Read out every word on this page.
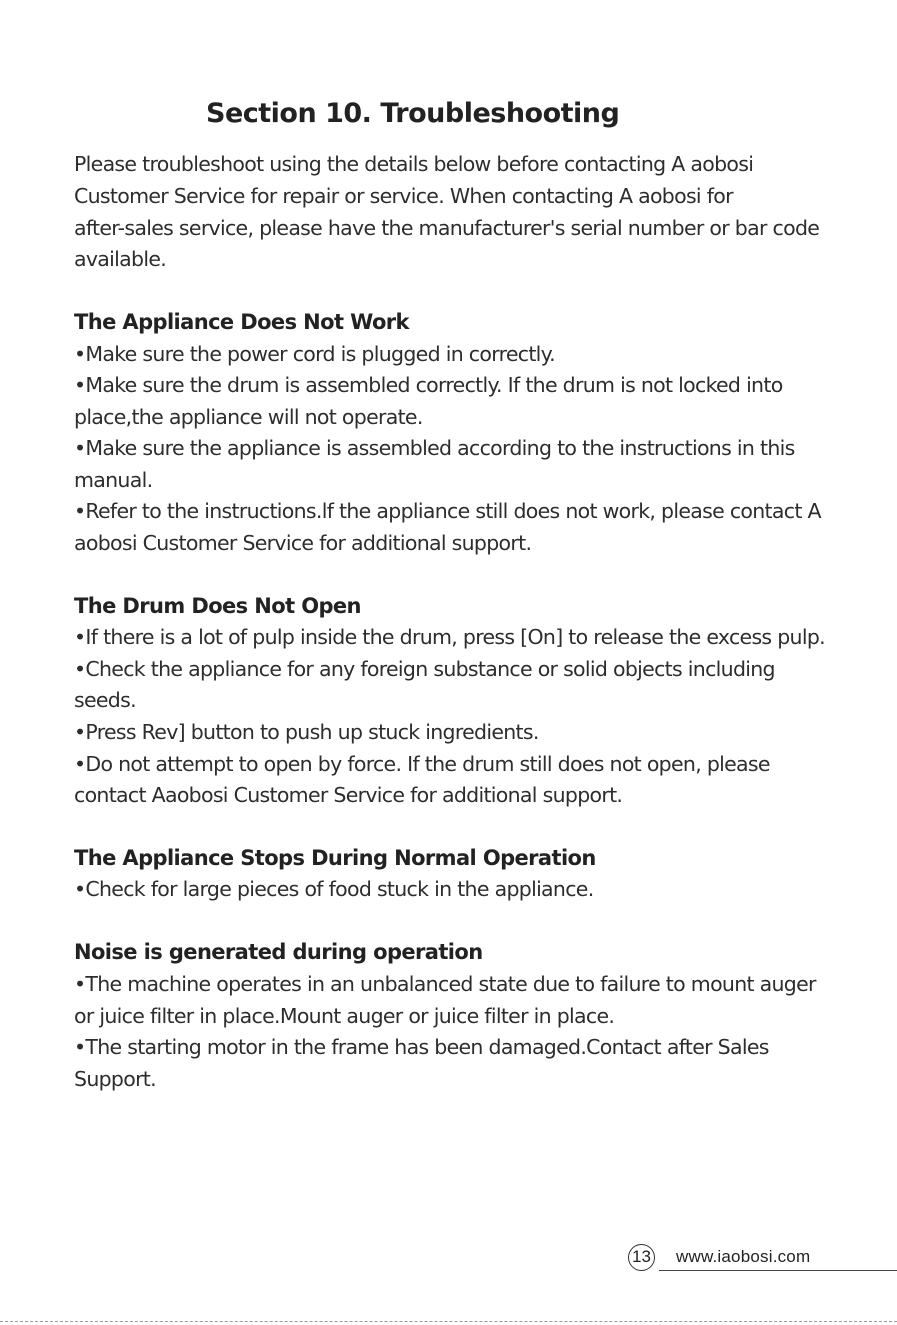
Section 10. Troubleshooting
Please troubleshoot using the details below before contacting A aobosi
Customer Service for repair or service. When contacting A aobosi for
after-sales service, please have the manufacturer's serial number or bar code
available.
The Appliance Does Not Work
•Make sure the power cord is plugged in correctly.
•Make sure the drum is assembled correctly. If the drum is not locked into
place,the appliance will not operate.
•Make sure the appliance is assembled according to the instructions in this
manual.
•Refer to the instructions.lf the appliance still does not work, please contact A
aobosi Customer Service for additional support.
The Drum Does Not Open
•If there is a lot of pulp inside the drum, press [On] to release the excess pulp.
•Check the appliance for any foreign substance or solid objects including
seeds.
•Press Rev] button to push up stuck ingredients.
•Do not attempt to open by force. If the drum still does not open, please
contact Aaobosi Customer Service for additional support.
The Appliance Stops During Normal Operation
•Check for large pieces of food stuck in the appliance.
Noise is generated during operation
•The machine operates in an unbalanced state due to failure to mount auger
or juice filter in place.Mount auger or juice filter in place.
•The starting motor in the frame has been damaged.Contact after Sales
Support.
13 www.iaobosi.com
